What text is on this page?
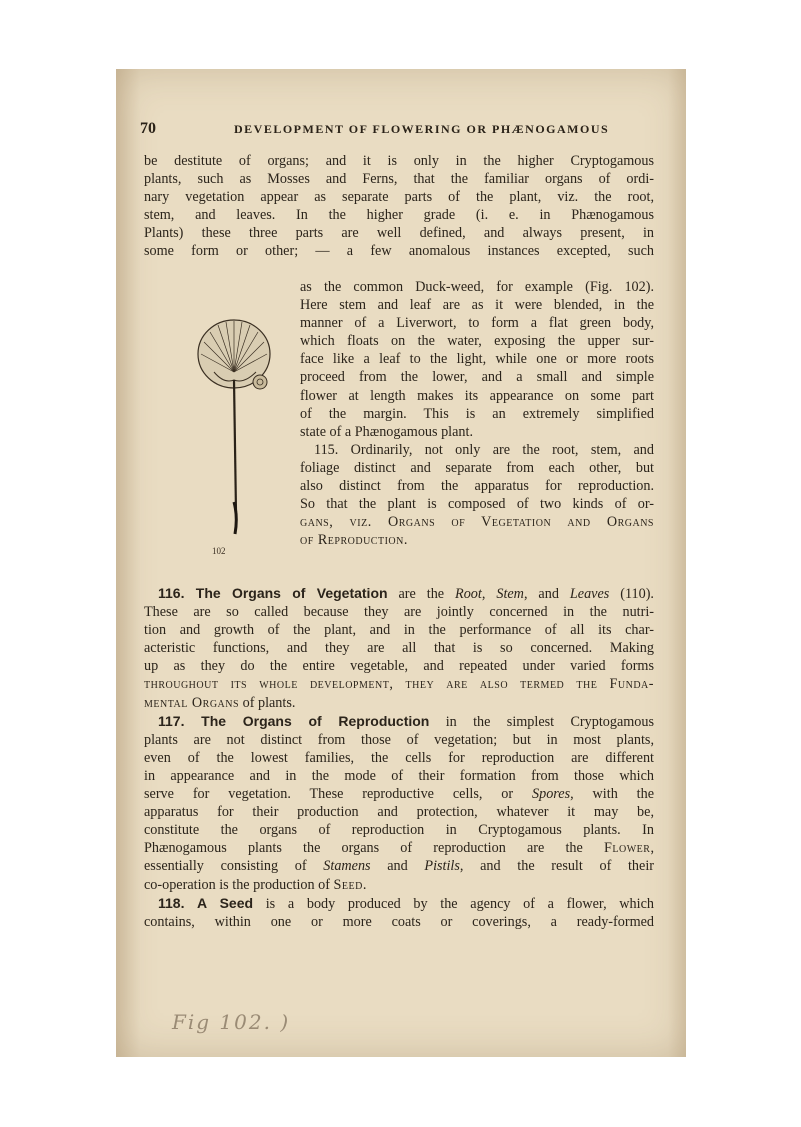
70	DEVELOPMENT OF FLOWERING OR PHÆNOGAMOUS
be destitute of organs; and it is only in the higher Cryptogamous
plants, such as Mosses and Ferns, that the familiar organs of ordi-
nary vegetation appear as separate parts of the plant, viz. the root,
stem, and leaves. In the higher grade (i. e. in Phænogamous
Plants) these three parts are well defined, and always present, in
some form or other; — a few anomalous instances excepted, such
as the common Duck-weed, for example (Fig. 102).
Here stem and leaf are as it were blended, in the
manner of a Liverwort, to form a flat green body,
which floats on the water, exposing the upper sur-
face like a leaf to the light, while one or more roots
proceed from the lower, and a small and simple
flower at length makes its appearance on some part
of the margin. This is an extremely simplified
state of a Phænogamous plant.
115. Ordinarily, not only are the root, stem, and
foliage distinct and separate from each other, but
also distinct from the apparatus for reproduction.
So that the plant is composed of two kinds of or-
gans, viz. Organs of Vegetation and Organs
of Reproduction.
102
116. The Organs of Vegetation are the Root, Stem, and Leaves (110).
These are so called because they are jointly concerned in the nutri-
tion and growth of the plant, and in the performance of all its char-
acteristic functions, and they are all that is so concerned. Making
up as they do the entire vegetable, and repeated under varied forms
throughout its whole development, they are also termed the Funda-
mental Organs of plants.
117. The Organs of Reproduction in the simplest Cryptogamous
plants are not distinct from those of vegetation; but in most plants,
even of the lowest families, the cells for reproduction are different
in appearance and in the mode of their formation from those which
serve for vegetation. These reproductive cells, or Spores, with the
apparatus for their production and protection, whatever it may be,
constitute the organs of reproduction in Cryptogamous plants. In
Phænogamous plants the organs of reproduction are the Flower,
essentially consisting of Stamens and Pistils, and the result of their
co-operation is the production of Seed.
118. A Seed is a body produced by the agency of a flower, which
contains, within one or more coats or coverings, a ready-formed
Fig 102. )
